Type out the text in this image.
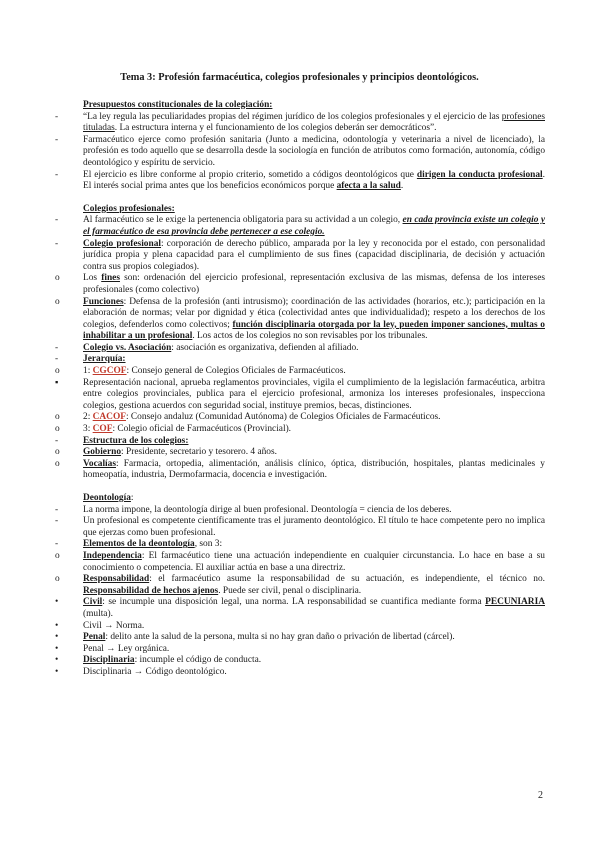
Tema 3: Profesión farmacéutica, colegios profesionales y principios deontológicos.
Presupuestos constitucionales de la colegiación:
-	“La ley regula las peculiaridades propias del régimen jurídico de los colegios profesionales y el ejercicio de las profesiones tituladas. La estructura interna y el funcionamiento de los colegios deberán ser democráticos”.
-	Farmacéutico ejerce como profesión sanitaria (Junto a medicina, odontología y veterinaria a nivel de licenciado), la profesión es todo aquello que se desarrolla desde la sociología en función de atributos como formación, autonomía, código deontológico y espíritu de servicio.
-	El ejercicio es libre conforme al propio criterio, sometido a códigos deontológicos que dirigen la conducta profesional. El interés social prima antes que los beneficios económicos porque afecta a la salud.
Colegios profesionales:
-	Al farmacéutico se le exige la pertenencia obligatoria para su actividad a un colegio, en cada provincia existe un colegio y el farmacéutico de esa provincia debe pertenecer a ese colegio.
-	Colegio profesional: corporación de derecho público, amparada por la ley y reconocida por el estado, con personalidad jurídica propia y plena capacidad para el cumplimiento de sus fines (capacidad disciplinaria, de decisión y actuación contra sus propios colegiados).
o Los fines son: ordenación del ejercicio profesional, representación exclusiva de las mismas, defensa de los intereses profesionales (como colectivo)
o Funciones: Defensa de la profesión (anti intrusismo); coordinación de las actividades (horarios, etc.); participación en la elaboración de normas; velar por dignidad y ética (colectividad antes que individualidad); respeto a los derechos de los colegios, defenderlos como colectivos; función disciplinaria otorgada por la ley, pueden imponer sanciones, multas o inhabilitar a un profesional. Los actos de los colegios no son revisables por los tribunales.
-	Colegio vs. Asociación: asociación es organizativa, defienden al afiliado.
-	Jerarquía:
o 1: CGCOF: Consejo general de Colegios Oficiales de Farmacéuticos.
▪	Representación nacional, aprueba reglamentos provinciales, vigila el cumplimiento de la legislación farmacéutica, arbitra entre colegios provinciales, publica para el ejercicio profesional, armoniza los intereses profesionales, inspecciona colegios, gestiona acuerdos con seguridad social, instituye premios, becas, distinciones.
o 2: CACOF: Consejo andaluz (Comunidad Autónoma) de Colegios Oficiales de Farmacéuticos.
o 3: COF: Colegio oficial de Farmacéuticos (Provincial).
-	Estructura de los colegios:
o Gobierno: Presidente, secretario y tesorero. 4 años.
o Vocalías: Farmacia, ortopedia, alimentación, análisis clínico, óptica, distribución, hospitales, plantas medicinales y homeopatía, industria, Dermofarmacia, docencia e investigación.
Deontología:
-	La norma impone, la deontología dirige al buen profesional. Deontología = ciencia de los deberes.
-	Un profesional es competente científicamente tras el juramento deontológico. El título te hace competente pero no implica que ejerzas como buen profesional.
-	Elementos de la deontología, son 3:
o Independencia: El farmacéutico tiene una actuación independiente en cualquier circunstancia. Lo hace en base a su conocimiento o competencia. El auxiliar actúa en base a una directriz.
o Responsabilidad: el farmacéutico asume la responsabilidad de su actuación, es independiente, el técnico no. Responsabilidad de hechos ajenos. Puede ser civil, penal o disciplinaria.
•	Civil: se incumple una disposición legal, una norma. LA responsabilidad se cuantifica mediante forma PECUNIARIA (multa).
•	Civil → Norma.
•	Penal: delito ante la salud de la persona, multa si no hay gran daño o privación de libertad (cárcel).
•	Penal → Ley orgánica.
•	Disciplinaria: incumple el código de conducta.
•	Disciplinaria → Código deontológico.
2
